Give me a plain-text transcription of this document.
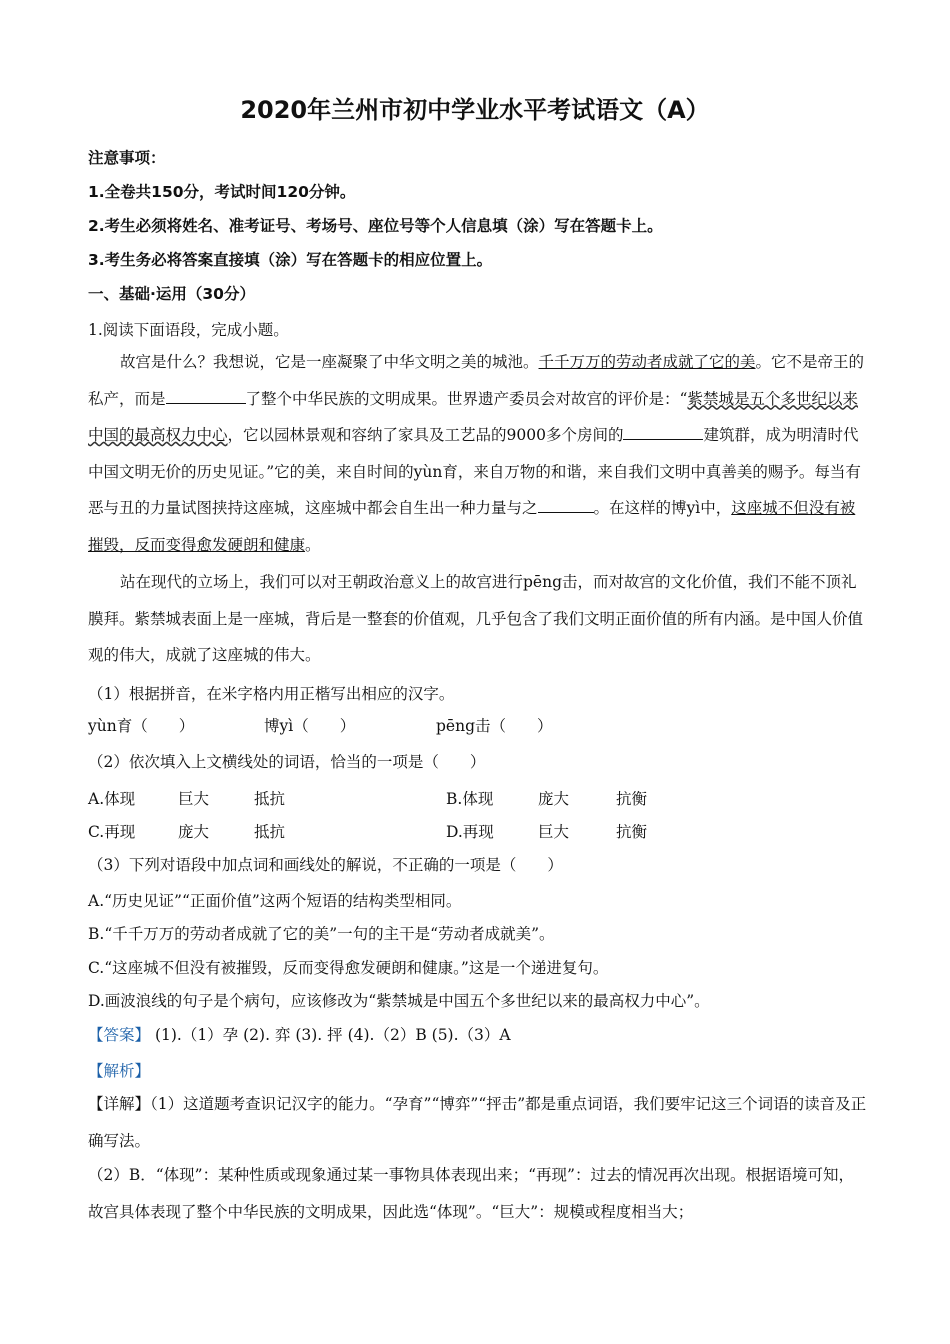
2020年兰州市初中学业水平考试语文（A）
注意事项：
1.全卷共150分，考试时间120分钟。
2.考生必须将姓名、准考证号、考场号、座位号等个人信息填（涂）写在答题卡上。
3.考生务必将答案直接填（涂）写在答题卡的相应位置上。
一、基础·运用（30分）
1.阅读下面语段，完成小题。
故宫是什么？我想说，它是一座凝聚了中华文明之美的城池。千千万万的劳动者成就了它的美。它不是帝王的私产，而是	了整个中华民族的文明成果。世界遗产委员会对故宫的评价是：“紫禁城是五个多世纪以来中国的最高权力中心，它以园林景观和容纳了家具及工艺品的9000多个房间的	建筑群，成为明清时代中国文明无价的历史见证。”它的美，来自时间的yùn育，来自万物的和谐，来自我们文明中真善美的赐予。每当有恶与丑的力量试图挟持这座城，这座城中都会自生出一种力量与之	。在这样的博yì中，这座城不但没有被摧毁，反而变得愈发硬朗和健康。
站在现代的立场上，我们可以对王朝政治意义上的故宫进行pēng击，而对故宫的文化价值，我们不能不顶礼膜拜。紫禁城表面上是一座城，背后是一整套的价值观，几乎包含了我们文明正面价值的所有内涵。是中国人价值观的伟大，成就了这座城的伟大。
（1）根据拼音，在米字格内用正楷写出相应的汉字。
yùn育（　　）	博yì（　　）	pēng击（　　）
（2）依次填入上文横线处的词语，恰当的一项是（　　）
A.体现	巨大	抵抗	B.体现	庞大	抗衡
C.再现	庞大	抵抗	D.再现	巨大	抗衡
（3）下列对语段中加点词和画线处的解说，不正确的一项是（　　）
A.“历史见证”“正面价值”这两个短语的结构类型相同。
B.“千千万万的劳动者成就了它的美”一句的主干是“劳动者成就美”。
C.“这座城不但没有被摧毁，反而变得愈发硬朗和健康。”这是一个递进复句。
D.画波浪线的句子是个病句，应该修改为“紫禁城是中国五个多世纪以来的最高权力中心”。
【答案】 (1).（1）孕 (2). 弈 (3). 抨 (4).（2）B (5).（3）A
【解析】
【详解】（1）这道题考查识记汉字的能力。“孕育”“博弈”“抨击”都是重点词语，我们要牢记这三个词语的读音及正确写法。
（2）B．“体现”：某种性质或现象通过某一事物具体表现出来；“再现”：过去的情况再次出现。根据语境可知，故宫具体表现了整个中华民族的文明成果，因此选“体现”。“巨大”：规模或程度相当大；
